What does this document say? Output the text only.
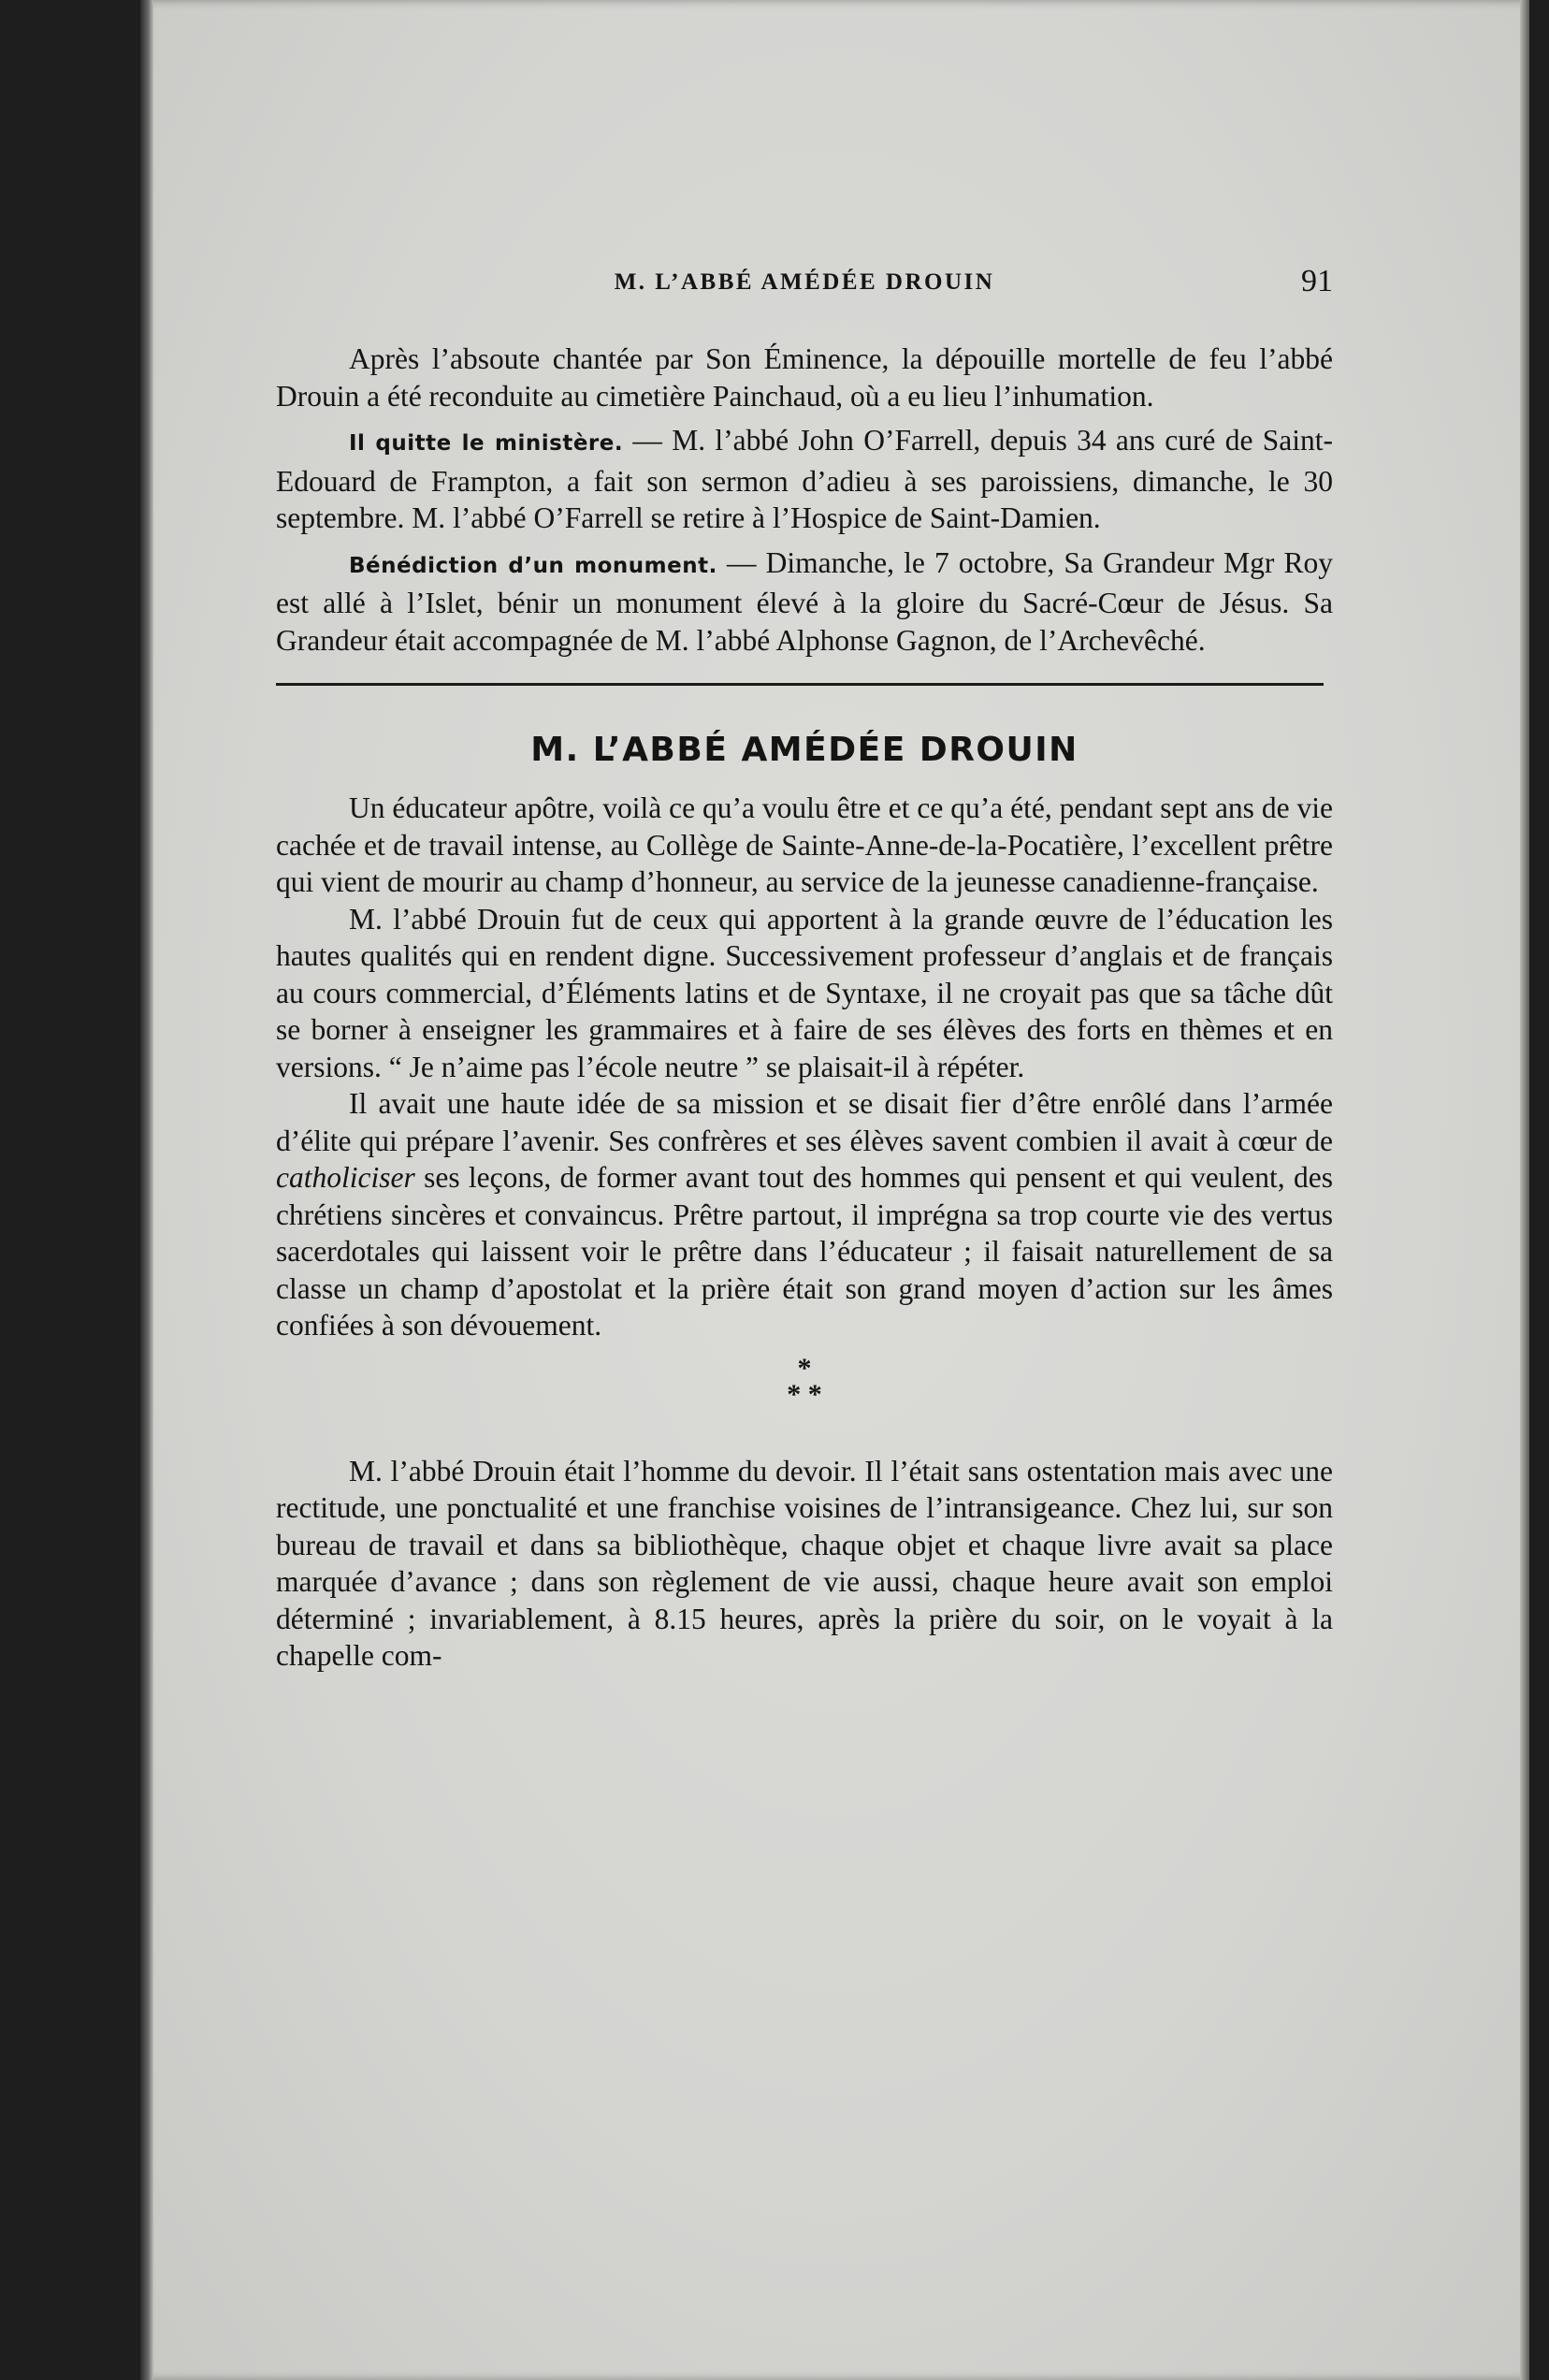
M. L’ABBÉ AMÉDÉE DROUIN	91

Après l’absoute chantée par Son Éminence, la dépouille mortelle de feu l’abbé Drouin a été reconduite au cimetière Painchaud, où a eu lieu l’inhumation.

Il quitte le ministère. — M. l’abbé John O’Farrell, depuis 34 ans curé de Saint-Edouard de Frampton, a fait son sermon d’adieu à ses paroissiens, dimanche, le 30 septembre. M. l’abbé O’Farrell se retire à l’Hospice de Saint-Damien.

Bénédiction d’un monument. — Dimanche, le 7 octobre, Sa Grandeur Mgr Roy est allé à l’Islet, bénir un monument élevé à la gloire du Sacré-Cœur de Jésus. Sa Grandeur était accompagnée de M. l’abbé Alphonse Gagnon, de l’Archevêché.

M. L’ABBÉ AMÉDÉE DROUIN

Un éducateur apôtre, voilà ce qu’a voulu être et ce qu’a été, pendant sept ans de vie cachée et de travail intense, au Collège de Sainte-Anne-de-la-Pocatière, l’excellent prêtre qui vient de mourir au champ d’honneur, au service de la jeunesse canadienne-française.

M. l’abbé Drouin fut de ceux qui apportent à la grande œuvre de l’éducation les hautes qualités qui en rendent digne. Successivement professeur d’anglais et de français au cours commercial, d’Éléments latins et de Syntaxe, il ne croyait pas que sa tâche dût se borner à enseigner les grammaires et à faire de ses élèves des forts en thèmes et en versions. “ Je n’aime pas l’école neutre ” se plaisait-il à répéter.

Il avait une haute idée de sa mission et se disait fier d’être enrôlé dans l’armée d’élite qui prépare l’avenir. Ses confrères et ses élèves savent combien il avait à cœur de catholiciser ses leçons, de former avant tout des hommes qui pensent et qui veulent, des chrétiens sincères et convaincus. Prêtre partout, il imprégna sa trop courte vie des vertus sacerdotales qui laissent voir le prêtre dans l’éducateur ; il faisait naturellement de sa classe un champ d’apostolat et la prière était son grand moyen d’action sur les âmes confiées à son dévouement.

*
* *

M. l’abbé Drouin était l’homme du devoir. Il l’était sans ostentation mais avec une rectitude, une ponctualité et une franchise voisines de l’intransigeance. Chez lui, sur son bureau de travail et dans sa bibliothèque, chaque objet et chaque livre avait sa place marquée d’avance ; dans son règlement de vie aussi, chaque heure avait son emploi déterminé ; invariablement, à 8.15 heures, après la prière du soir, on le voyait à la chapelle com-
